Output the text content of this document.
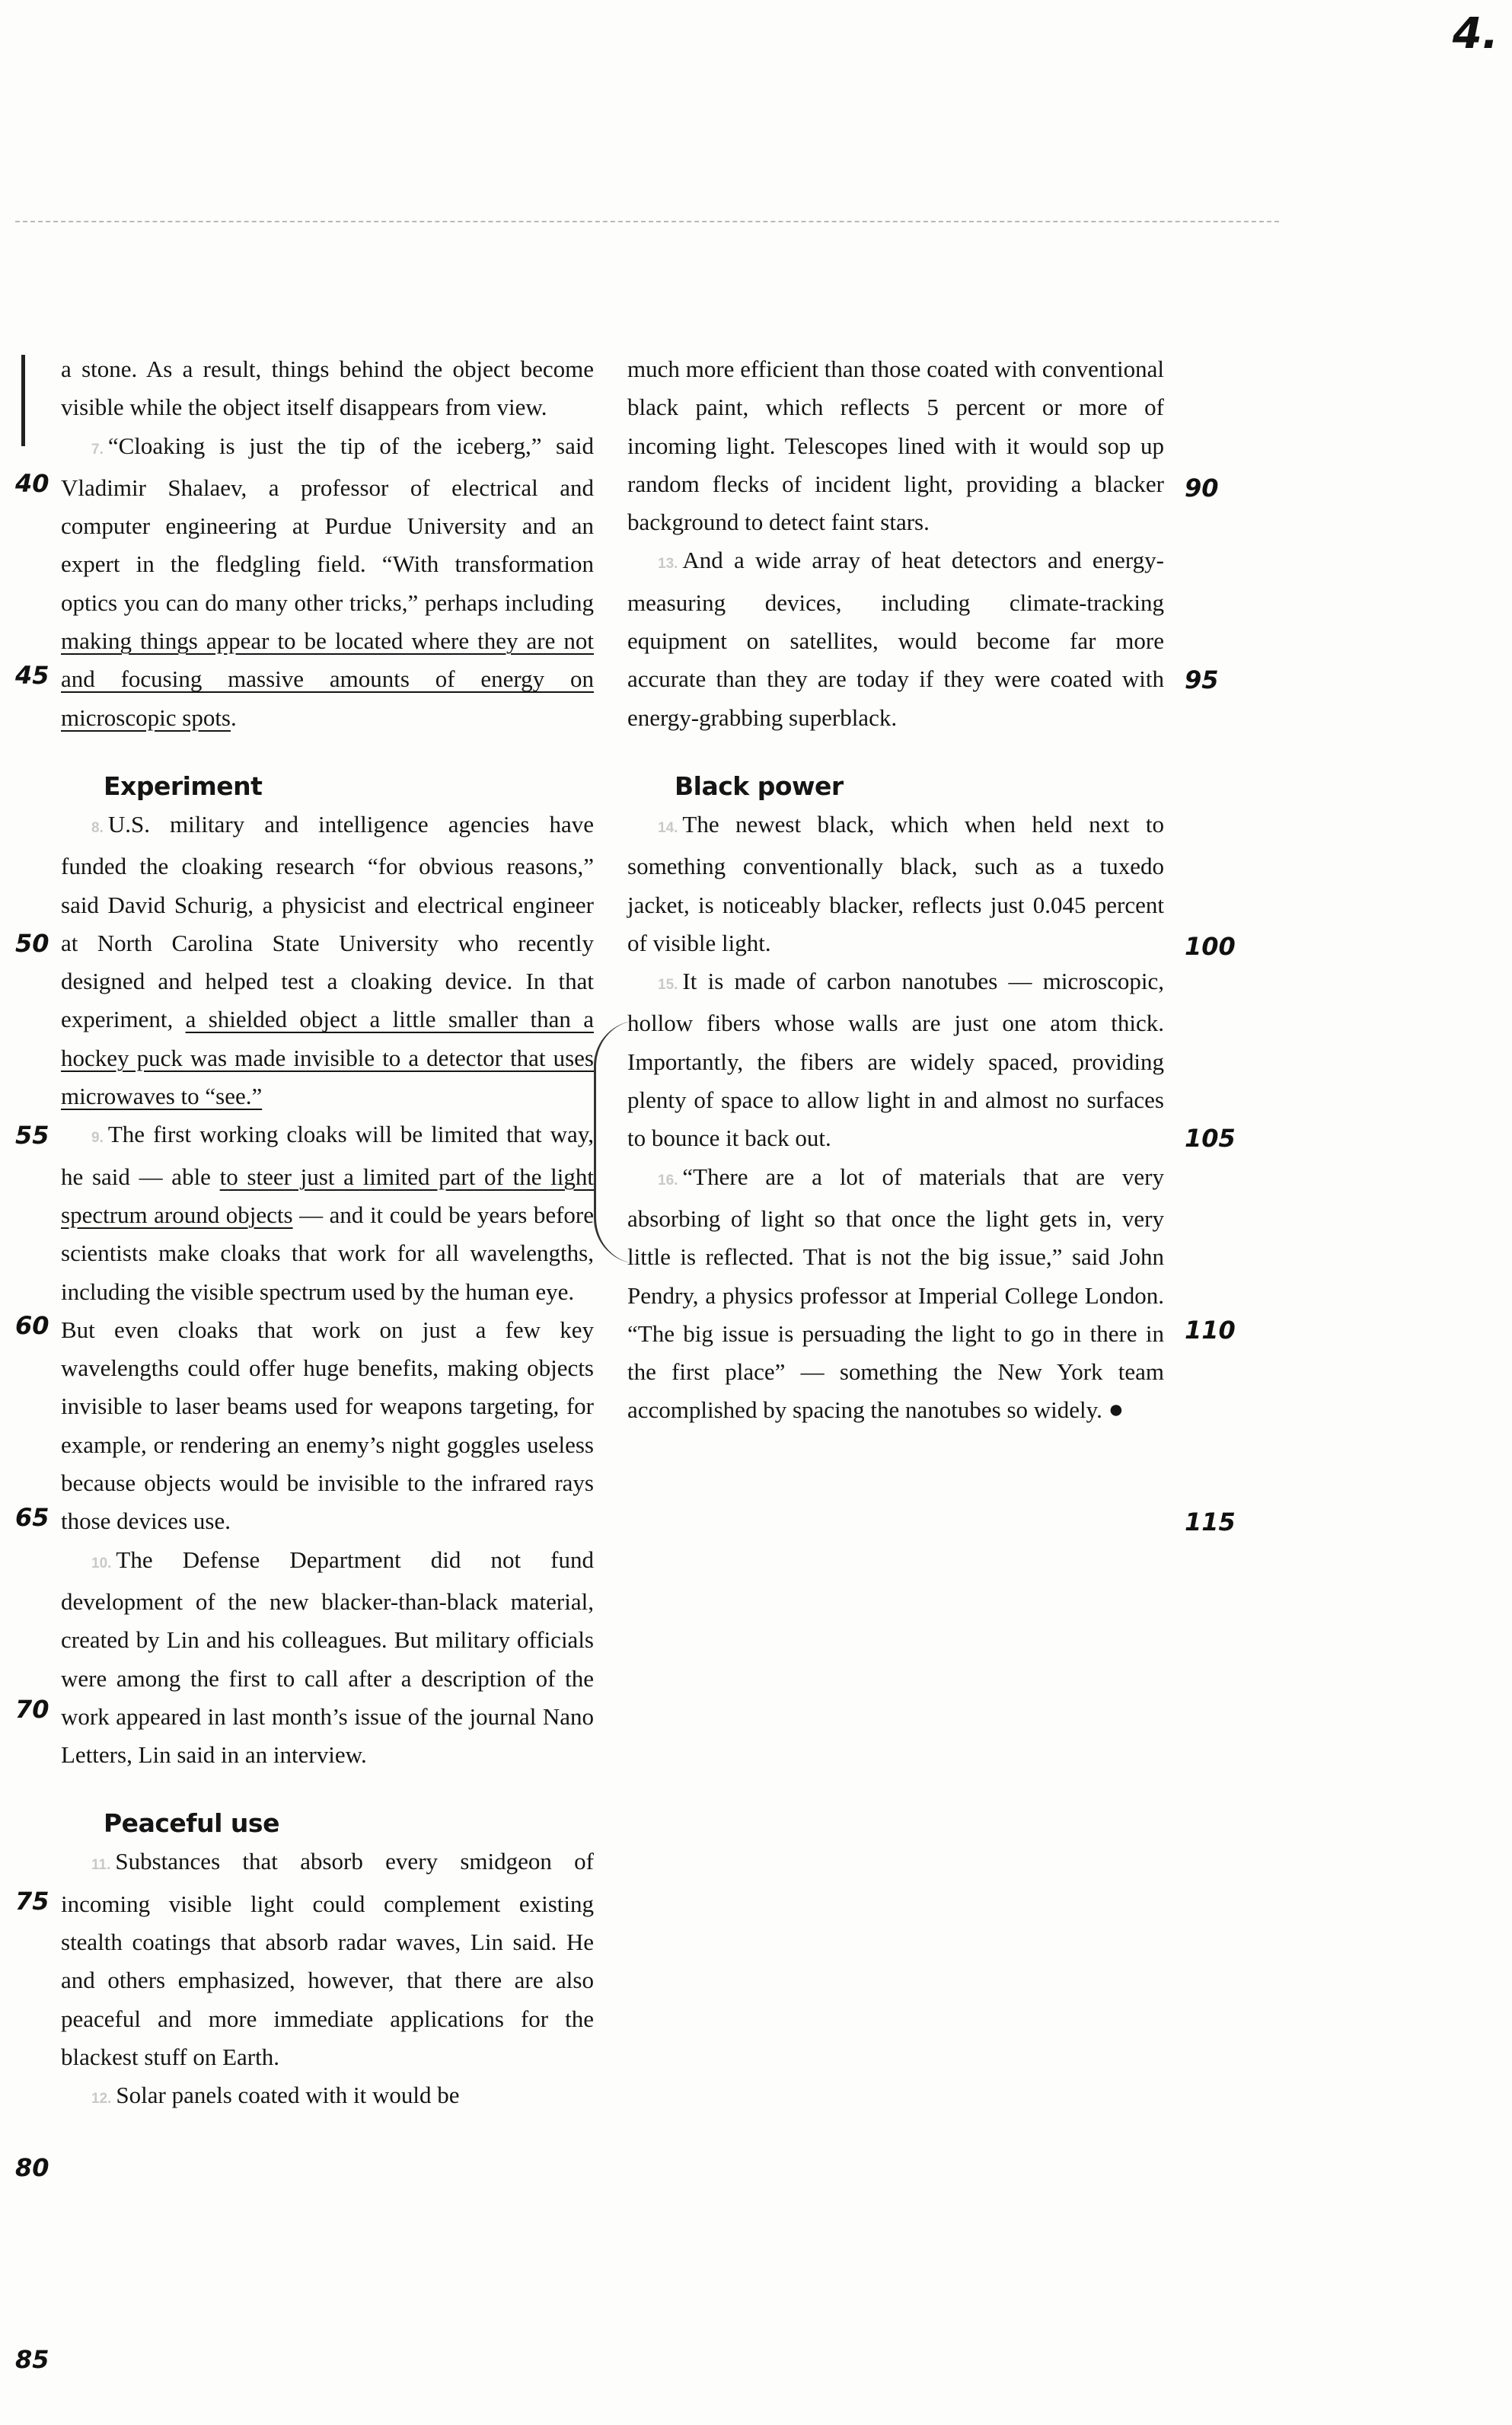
4.
40
45
50
55
60
65
70
75
80
85
90
95
100
105
110
115

a stone. As a result, things behind the object become visible while the object itself disappears from view.

7. “Cloaking is just the tip of the iceberg,” said Vladimir Shalaev, a professor of electrical and computer engineering at Purdue University and an expert in the fledgling field. “With transformation optics you can do many other tricks,” perhaps including making things appear to be located where they are not and focusing massive amounts of energy on microscopic spots.

Experiment

8. U.S. military and intelligence agencies have funded the cloaking research “for obvious reasons,” said David Schurig, a physicist and electrical engineer at North Carolina State University who recently designed and helped test a cloaking device. In that experiment, a shielded object a little smaller than a hockey puck was made invisible to a detector that uses microwaves to “see.”

9. The first working cloaks will be limited that way, he said — able to steer just a limited part of the light spectrum around objects — and it could be years before scientists make cloaks that work for all wavelengths, including the visible spectrum used by the human eye.

But even cloaks that work on just a few key wavelengths could offer huge benefits, making objects invisible to laser beams used for weapons targeting, for example, or rendering an enemy’s night goggles useless because objects would be invisible to the infrared rays those devices use.

10. The Defense Department did not fund development of the new blacker-than-black material, created by Lin and his colleagues. But military officials were among the first to call after a description of the work appeared in last month’s issue of the journal Nano Letters, Lin said in an interview.

Peaceful use

11. Substances that absorb every smidgeon of incoming visible light could complement existing stealth coatings that absorb radar waves, Lin said. He and others emphasized, however, that there are also peaceful and more immediate applications for the blackest stuff on Earth.

12. Solar panels coated with it would be

much more efficient than those coated with conventional black paint, which reflects 5 percent or more of incoming light. Telescopes lined with it would sop up random flecks of incident light, providing a blacker background to detect faint stars.

13. And a wide array of heat detectors and energy-measuring devices, including climate-tracking equipment on satellites, would become far more accurate than they are today if they were coated with energy-grabbing superblack.

Black power

14. The newest black, which when held next to something conventionally black, such as a tuxedo jacket, is noticeably blacker, reflects just 0.045 percent of visible light.

15. It is made of carbon nanotubes — microscopic, hollow fibers whose walls are just one atom thick. Importantly, the fibers are widely spaced, providing plenty of space to allow light in and almost no surfaces to bounce it back out.

16. “There are a lot of materials that are very absorbing of light so that once the light gets in, very little is reflected. That is not the big issue,” said John Pendry, a physics professor at Imperial College London. “The big issue is persuading the light to go in there in the first place” — something the New York team accomplished by spacing the nanotubes so widely. ●
